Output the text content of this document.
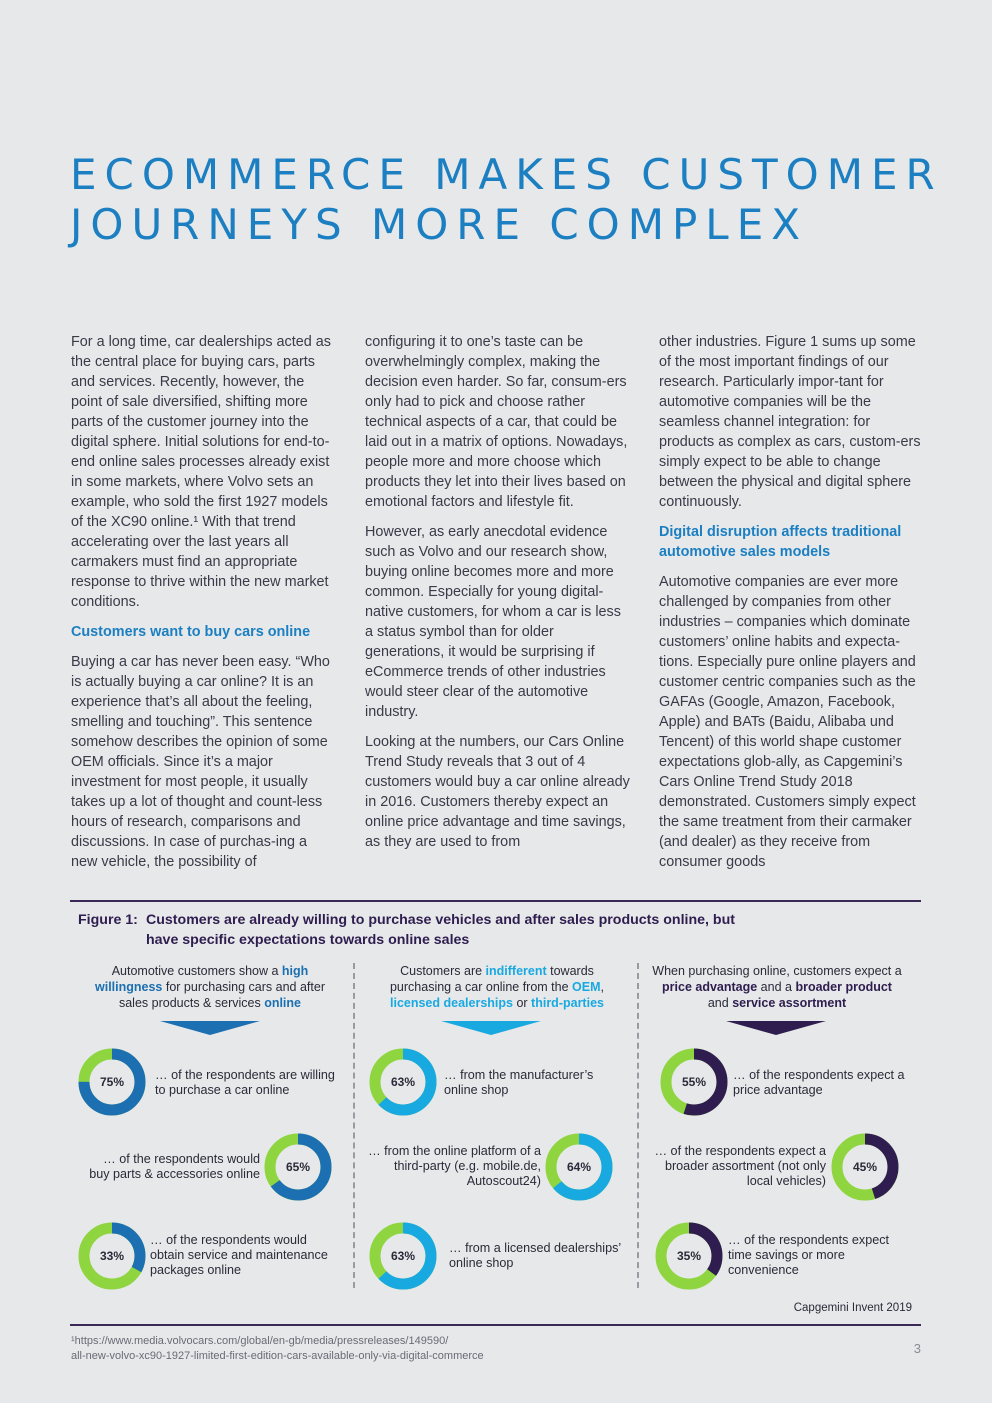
ECOMMERCE MAKES CUSTOMER
JOURNEYS MORE COMPLEX

For a long time, car dealerships acted as the central place for buying cars, parts and services. Recently, however, the point of sale diversified, shifting more parts of the customer journey into the digital sphere. Initial solutions for end-to-end online sales processes already exist in some markets, where Volvo sets an example, who sold the first 1927 models of the XC90 online.¹ With that trend accelerating over the last years all carmakers must find an appropriate response to thrive within the new market conditions.

Customers want to buy cars online

Buying a car has never been easy. “Who is actually buying a car online? It is an experience that’s all about the feeling, smelling and touching”. This sentence somehow describes the opinion of some OEM officials. Since it’s a major investment for most people, it usually takes up a lot of thought and count-less hours of research, comparisons and discussions. In case of purchas-ing a new vehicle, the possibility of

configuring it to one’s taste can be overwhelmingly complex, making the decision even harder. So far, consum-ers only had to pick and choose rather technical aspects of a car, that could be laid out in a matrix of options. Nowadays, people more and more choose which products they let into their lives based on emotional factors and lifestyle fit.

However, as early anecdotal evidence such as Volvo and our research show, buying online becomes more and more common. Especially for young digital-native customers, for whom a car is less a status symbol than for older generations, it would be surprising if eCommerce trends of other industries would steer clear of the automotive industry.

Looking at the numbers, our Cars Online Trend Study reveals that 3 out of 4 customers would buy a car online already in 2016. Customers thereby expect an online price advantage and time savings, as they are used to from

other industries. Figure 1 sums up some of the most important findings of our research. Particularly impor-tant for automotive companies will be the seamless channel integration: for products as complex as cars, custom-ers simply expect to be able to change between the physical and digital sphere continuously.

Digital disruption affects traditional automotive sales models

Automotive companies are ever more challenged by companies from other industries – companies which dominate customers’ online habits and expecta-tions. Especially pure online players and customer centric companies such as the GAFAs (Google, Amazon, Facebook, Apple) and BATs (Baidu, Alibaba und Tencent) of this world shape customer expectations glob-ally, as Capgemini’s Cars Online Trend Study 2018 demonstrated. Customers simply expect the same treatment from their carmaker (and dealer) as they receive from consumer goods

Figure 1: Customers are already willing to purchase vehicles and after sales products online, but have specific expectations towards online sales
Automotive customers show a high willingness for purchasing cars and after sales products & services online
Customers are indifferent towards purchasing a car online from the OEM, licensed dealerships or third-parties
When purchasing online, customers expect a price advantage and a broader product and service assortment
75%	… of the respondents are willing to purchase a car online
65%
… of the respondents would buy parts & accessories online
33%
… of the respondents would obtain service and maintenance packages online
63%	… from the manufacturer’s online shop
64%
… from the online platform of a third-party (e.g. mobile.de, Autoscout24)
63%
… from a licensed dealerships’ online shop
55%	… of the respondents expect a price advantage
45%
… of the respondents expect a broader assortment (not only local vehicles)
35%
… of the respondents expect time savings or more convenience
Capgemini Invent 2019
¹https://www.media.volvocars.com/global/en-gb/media/pressreleases/149590/
all-new-volvo-xc90-1927-limited-first-edition-cars-available-only-via-digital-commerce	3
